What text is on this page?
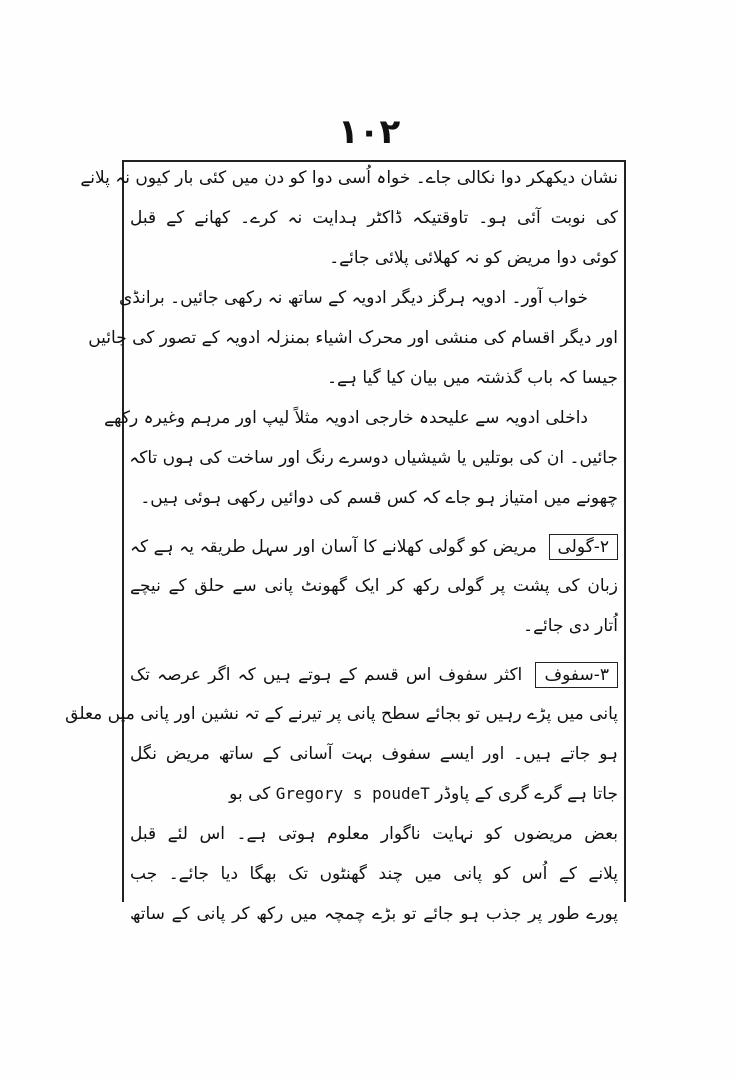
۱۰۲
نشان دیکھکر دوا نکالی جاے۔ خواہ اُسی دوا کو دن میں کئی بار کیوں نہ پلانے
کی نوبت آئی ہو۔ تاوقتیکہ ڈاکٹر ہدایت نہ کرے۔ کھانے کے قبل
کوئی دوا مریض کو نہ کھلائی پلائی جائے۔
خواب آور۔ ادویہ ہرگز دیگر ادویہ کے ساتھ نہ رکھی جائیں۔ برانڈی
اور دیگر اقسام کی منشی اور محرک اشیاء بمنزلہ ادویہ کے تصور کی جائیں
جیسا کہ باب گذشتہ میں بیان کیا گیا ہے۔
داخلی ادویہ سے علیحدہ خارجی ادویہ مثلاً لیپ اور مرہم وغیرہ رکھے
جائیں۔ ان کی بوتلیں یا شیشیاں دوسرے رنگ اور ساخت کی ہوں تاکہ
چھونے میں امتیاز ہو جاے کہ کس قسم کی دوائیں رکھی ہوئی ہیں۔
۲-گولی مریض کو گولی کھلانے کا آسان اور سہل طریقہ یہ ہے کہ
زبان کی پشت پر گولی رکھ کر ایک گھونٹ پانی سے حلق کے نیچے
اُتار دی جائے۔
۳-سفوف اکثر سفوف اس قسم کے ہوتے ہیں کہ اگر عرصہ تک
پانی میں پڑے رہیں تو بجائے سطح پانی پر تیرنے کے تہ نشین اور پانی میں معلق
ہو جاتے ہیں۔ اور ایسے سفوف بہت آسانی کے ساتھ مریض نگل
جاتا ہے گرے گری کے پاوڈر Gregory s poudeT کی بو
بعض مریضوں کو نہایت ناگوار معلوم ہوتی ہے۔ اس لئے قبل
پلانے کے اُس کو پانی میں چند گھنٹوں تک بھگا دیا جائے۔ جب
پورے طور پر جذب ہو جائے تو بڑے چمچہ میں رکھ کر پانی کے ساتھ
